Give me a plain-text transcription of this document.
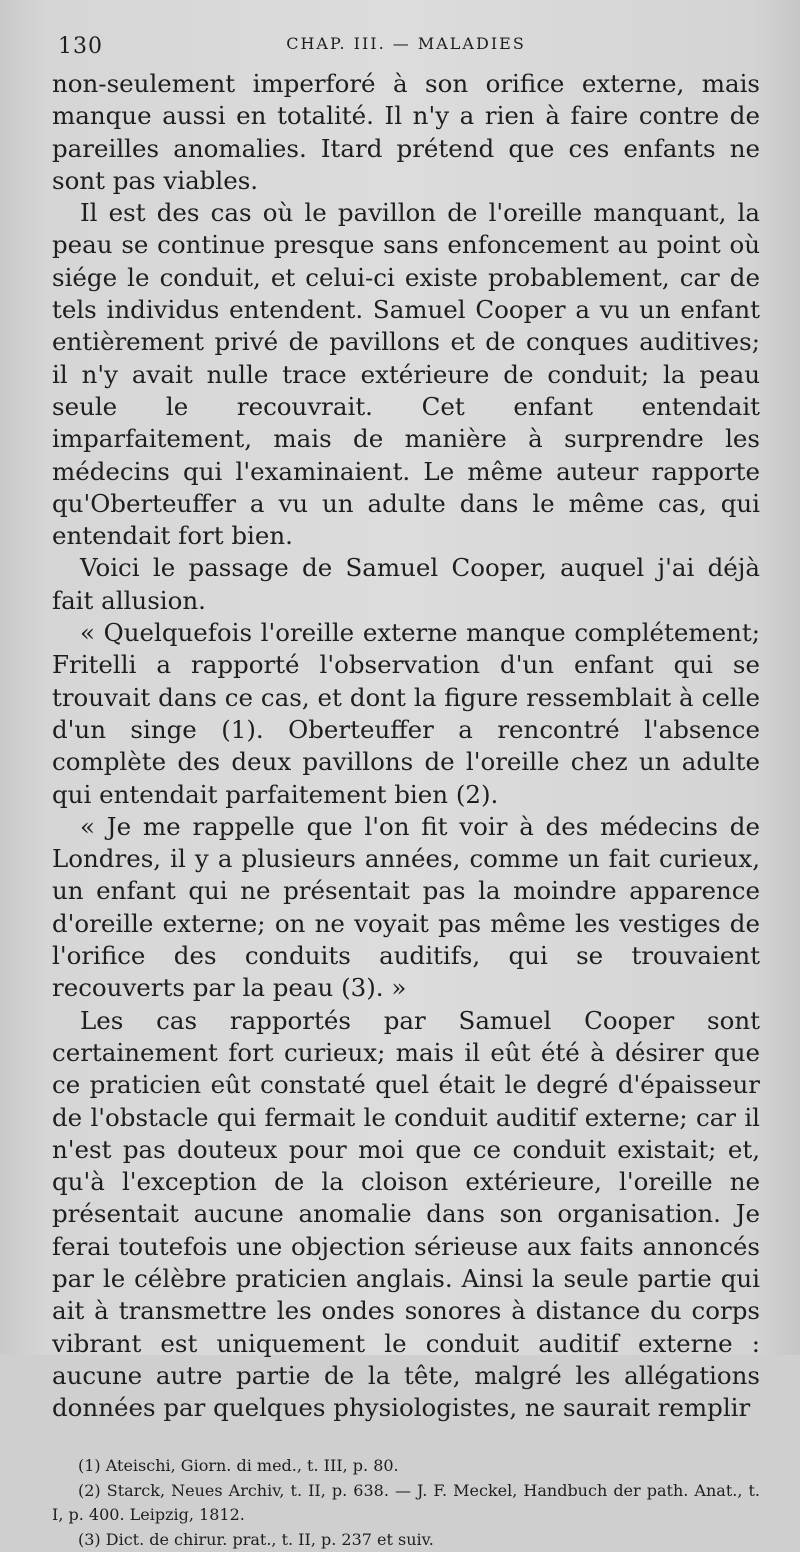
130	CHAP. III. — MALADIES

non-seulement imperforé à son orifice externe, mais manque aussi en totalité. Il n'y a rien à faire contre de pareilles anomalies. Itard prétend que ces enfants ne sont pas viables.

Il est des cas où le pavillon de l'oreille manquant, la peau se continue presque sans enfoncement au point où siége le conduit, et celui-ci existe probablement, car de tels individus entendent. Samuel Cooper a vu un enfant entièrement privé de pavillons et de conques auditives; il n'y avait nulle trace extérieure de conduit; la peau seule le recouvrait. Cet enfant entendait imparfaitement, mais de manière à surprendre les médecins qui l'examinaient. Le même auteur rapporte qu'Oberteuffer a vu un adulte dans le même cas, qui entendait fort bien.

Voici le passage de Samuel Cooper, auquel j'ai déjà fait allusion.

« Quelquefois l'oreille externe manque complétement; Fritelli a rapporté l'observation d'un enfant qui se trouvait dans ce cas, et dont la figure ressemblait à celle d'un singe (1). Oberteuffer a rencontré l'absence complète des deux pavillons de l'oreille chez un adulte qui entendait parfaitement bien (2).

« Je me rappelle que l'on fit voir à des médecins de Londres, il y a plusieurs années, comme un fait curieux, un enfant qui ne présentait pas la moindre apparence d'oreille externe; on ne voyait pas même les vestiges de l'orifice des conduits auditifs, qui se trouvaient recouverts par la peau (3). »

Les cas rapportés par Samuel Cooper sont certainement fort curieux; mais il eût été à désirer que ce praticien eût constaté quel était le degré d'épaisseur de l'obstacle qui fermait le conduit auditif externe; car il n'est pas douteux pour moi que ce conduit existait; et, qu'à l'exception de la cloison extérieure, l'oreille ne présentait aucune anomalie dans son organisation. Je ferai toutefois une objection sérieuse aux faits annoncés par le célèbre praticien anglais. Ainsi la seule partie qui ait à transmettre les ondes sonores à distance du corps vibrant est uniquement le conduit auditif externe : aucune autre partie de la tête, malgré les allégations données par quelques physiologistes, ne saurait remplir

(1) Ateischi, Giorn. di med., t. III, p. 80.

(2) Starck, Neues Archiv, t. II, p. 638. — J. F. Meckel, Handbuch der path. Anat., t. I, p. 400. Leipzig, 1812.

(3) Dict. de chirur. prat., t. II, p. 237 et suiv.
